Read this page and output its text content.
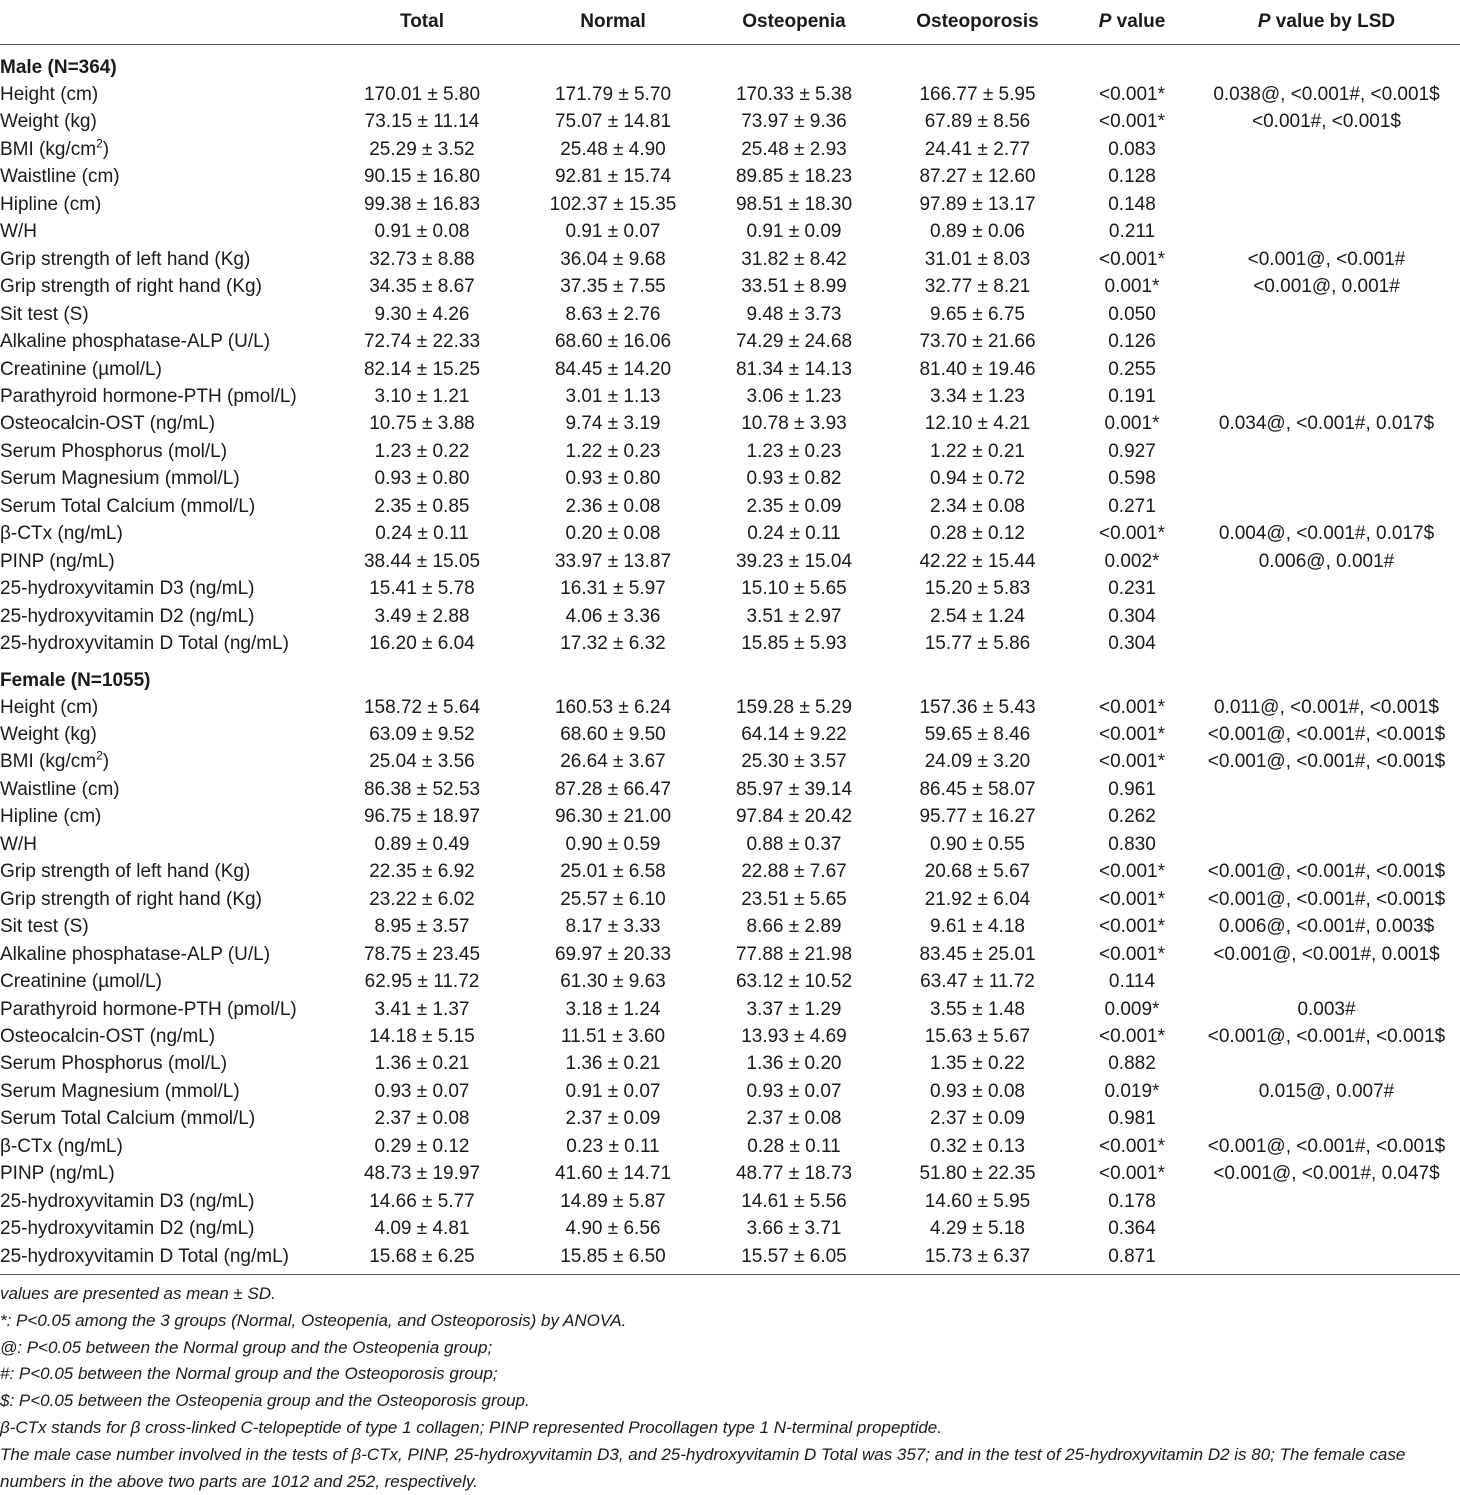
	Total	Normal	Osteopenia	Osteoporosis	P value	P value by LSD
Male (N=364)						
Height (cm)	170.01 ± 5.80	171.79 ± 5.70	170.33 ± 5.38	166.77 ± 5.95	<0.001*	0.038@, <0.001#, <0.001$
Weight (kg)	73.15 ± 11.14	75.07 ± 14.81	73.97 ± 9.36	67.89 ± 8.56	<0.001*	<0.001#, <0.001$
BMI $(kg/cm^2)$	25.29 ± 3.52	25.48 ± 4.90	25.48 ± 2.93	24.41 ± 2.77	0.083	
Waistline (cm)	90.15 ± 16.80	92.81 ± 15.74	89.85 ± 18.23	87.27 ± 12.60	0.128	
Hipline (cm)	99.38 ± 16.83	102.37 ± 15.35	98.51 ± 18.30	97.89 ± 13.17	0.148	
W/H	0.91 ± 0.08	0.91 ± 0.07	0.91 ± 0.09	0.89 ± 0.06	0.211	
Grip strength of left hand (Kg)	32.73 ± 8.88	36.04 ± 9.68	31.82 ± 8.42	31.01 ± 8.03	<0.001*	<0.001@, <0.001#
Grip strength of right hand (Kg)	34.35 ± 8.67	37.35 ± 7.55	33.51 ± 8.99	32.77 ± 8.21	0.001*	<0.001@, 0.001#
Sit test (S)	9.30 ± 4.26	8.63 ± 2.76	9.48 ± 3.73	9.65 ± 6.75	0.050	
Alkaline phosphatase-ALP (U/L)	72.74 ± 22.33	68.60 ± 16.06	74.29 ± 24.68	73.70 ± 21.66	0.126	
Creatinine (µmol/L)	82.14 ± 15.25	84.45 ± 14.20	81.34 ± 14.13	81.40 ± 19.46	0.255	
Parathyroid hormone-PTH (pmol/L)	3.10 ± 1.21	3.01 ± 1.13	3.06 ± 1.23	3.34 ± 1.23	0.191	
Osteocalcin-OST (ng/mL)	10.75 ± 3.88	9.74 ± 3.19	10.78 ± 3.93	12.10 ± 4.21	0.001*	0.034@, <0.001#, 0.017$
Serum Phosphorus (mol/L)	1.23 ± 0.22	1.22 ± 0.23	1.23 ± 0.23	1.22 ± 0.21	0.927	
Serum Magnesium (mmol/L)	0.93 ± 0.80	0.93 ± 0.80	0.93 ± 0.82	0.94 ± 0.72	0.598	
Serum Total Calcium (mmol/L)	2.35 ± 0.85	2.36 ± 0.08	2.35 ± 0.09	2.34 ± 0.08	0.271	
β-CTx (ng/mL)	0.24 ± 0.11	0.20 ± 0.08	0.24 ± 0.11	0.28 ± 0.12	<0.001*	0.004@, <0.001#, 0.017$
PINP (ng/mL)	38.44 ± 15.05	33.97 ± 13.87	39.23 ± 15.04	42.22 ± 15.44	0.002*	0.006@, 0.001#
25-hydroxyvitamin D3 (ng/mL)	15.41 ± 5.78	16.31 ± 5.97	15.10 ± 5.65	15.20 ± 5.83	0.231	
25-hydroxyvitamin D2 (ng/mL)	3.49 ± 2.88	4.06 ± 3.36	3.51 ± 2.97	2.54 ± 1.24	0.304	
25-hydroxyvitamin D Total (ng/mL)	16.20 ± 6.04	17.32 ± 6.32	15.85 ± 5.93	15.77 ± 5.86	0.304	
Female (N=1055)						
Height (cm)	158.72 ± 5.64	160.53 ± 6.24	159.28 ± 5.29	157.36 ± 5.43	<0.001*	0.011@, <0.001#, <0.001$
Weight (kg)	63.09 ± 9.52	68.60 ± 9.50	64.14 ± 9.22	59.65 ± 8.46	<0.001*	<0.001@, <0.001#, <0.001$
BMI $(kg/cm^2)$	25.04 ± 3.56	26.64 ± 3.67	25.30 ± 3.57	24.09 ± 3.20	<0.001*	<0.001@, <0.001#, <0.001$
Waistline (cm)	86.38 ± 52.53	87.28 ± 66.47	85.97 ± 39.14	86.45 ± 58.07	0.961	
Hipline (cm)	96.75 ± 18.97	96.30 ± 21.00	97.84 ± 20.42	95.77 ± 16.27	0.262	
W/H	0.89 ± 0.49	0.90 ± 0.59	0.88 ± 0.37	0.90 ± 0.55	0.830	
Grip strength of left hand (Kg)	22.35 ± 6.92	25.01 ± 6.58	22.88 ± 7.67	20.68 ± 5.67	<0.001*	<0.001@, <0.001#, <0.001$
Grip strength of right hand (Kg)	23.22 ± 6.02	25.57 ± 6.10	23.51 ± 5.65	21.92 ± 6.04	<0.001*	<0.001@, <0.001#, <0.001$
Sit test (S)	8.95 ± 3.57	8.17 ± 3.33	8.66 ± 2.89	9.61 ± 4.18	<0.001*	0.006@, <0.001#, 0.003$
Alkaline phosphatase-ALP (U/L)	78.75 ± 23.45	69.97 ± 20.33	77.88 ± 21.98	83.45 ± 25.01	<0.001*	<0.001@, <0.001#, 0.001$
Creatinine (µmol/L)	62.95 ± 11.72	61.30 ± 9.63	63.12 ± 10.52	63.47 ± 11.72	0.114	
Parathyroid hormone-PTH (pmol/L)	3.41 ± 1.37	3.18 ± 1.24	3.37 ± 1.29	3.55 ± 1.48	0.009*	0.003#
Osteocalcin-OST (ng/mL)	14.18 ± 5.15	11.51 ± 3.60	13.93 ± 4.69	15.63 ± 5.67	<0.001*	<0.001@, <0.001#, <0.001$
Serum Phosphorus (mol/L)	1.36 ± 0.21	1.36 ± 0.21	1.36 ± 0.20	1.35 ± 0.22	0.882	
Serum Magnesium (mmol/L)	0.93 ± 0.07	0.91 ± 0.07	0.93 ± 0.07	0.93 ± 0.08	0.019*	0.015@, 0.007#
Serum Total Calcium (mmol/L)	2.37 ± 0.08	2.37 ± 0.09	2.37 ± 0.08	2.37 ± 0.09	0.981	
β-CTx (ng/mL)	0.29 ± 0.12	0.23 ± 0.11	0.28 ± 0.11	0.32 ± 0.13	<0.001*	<0.001@, <0.001#, <0.001$
PINP (ng/mL)	48.73 ± 19.97	41.60 ± 14.71	48.77 ± 18.73	51.80 ± 22.35	<0.001*	<0.001@, <0.001#, 0.047$
25-hydroxyvitamin D3 (ng/mL)	14.66 ± 5.77	14.89 ± 5.87	14.61 ± 5.56	14.60 ± 5.95	0.178	
25-hydroxyvitamin D2 (ng/mL)	4.09 ± 4.81	4.90 ± 6.56	3.66 ± 3.71	4.29 ± 5.18	0.364	
25-hydroxyvitamin D Total (ng/mL)	15.68 ± 6.25	15.85 ± 6.50	15.57 ± 6.05	15.73 ± 6.37	0.871	
values are presented as mean ± SD.
*: P<0.05 among the 3 groups (Normal, Osteopenia, and Osteoporosis) by ANOVA.
@: P<0.05 between the Normal group and the Osteopenia group;
#: P<0.05 between the Normal group and the Osteoporosis group;
$: P<0.05 between the Osteopenia group and the Osteoporosis group.
β-CTx stands for β cross-linked C-telopeptide of type 1 collagen; PINP represented Procollagen type 1 N-terminal propeptide.
The male case number involved in the tests of β-CTx, PINP, 25-hydroxyvitamin D3, and 25-hydroxyvitamin D Total was 357; and in the test of 25-hydroxyvitamin D2 is 80; The female case numbers in the above two parts are 1012 and 252, respectively.
